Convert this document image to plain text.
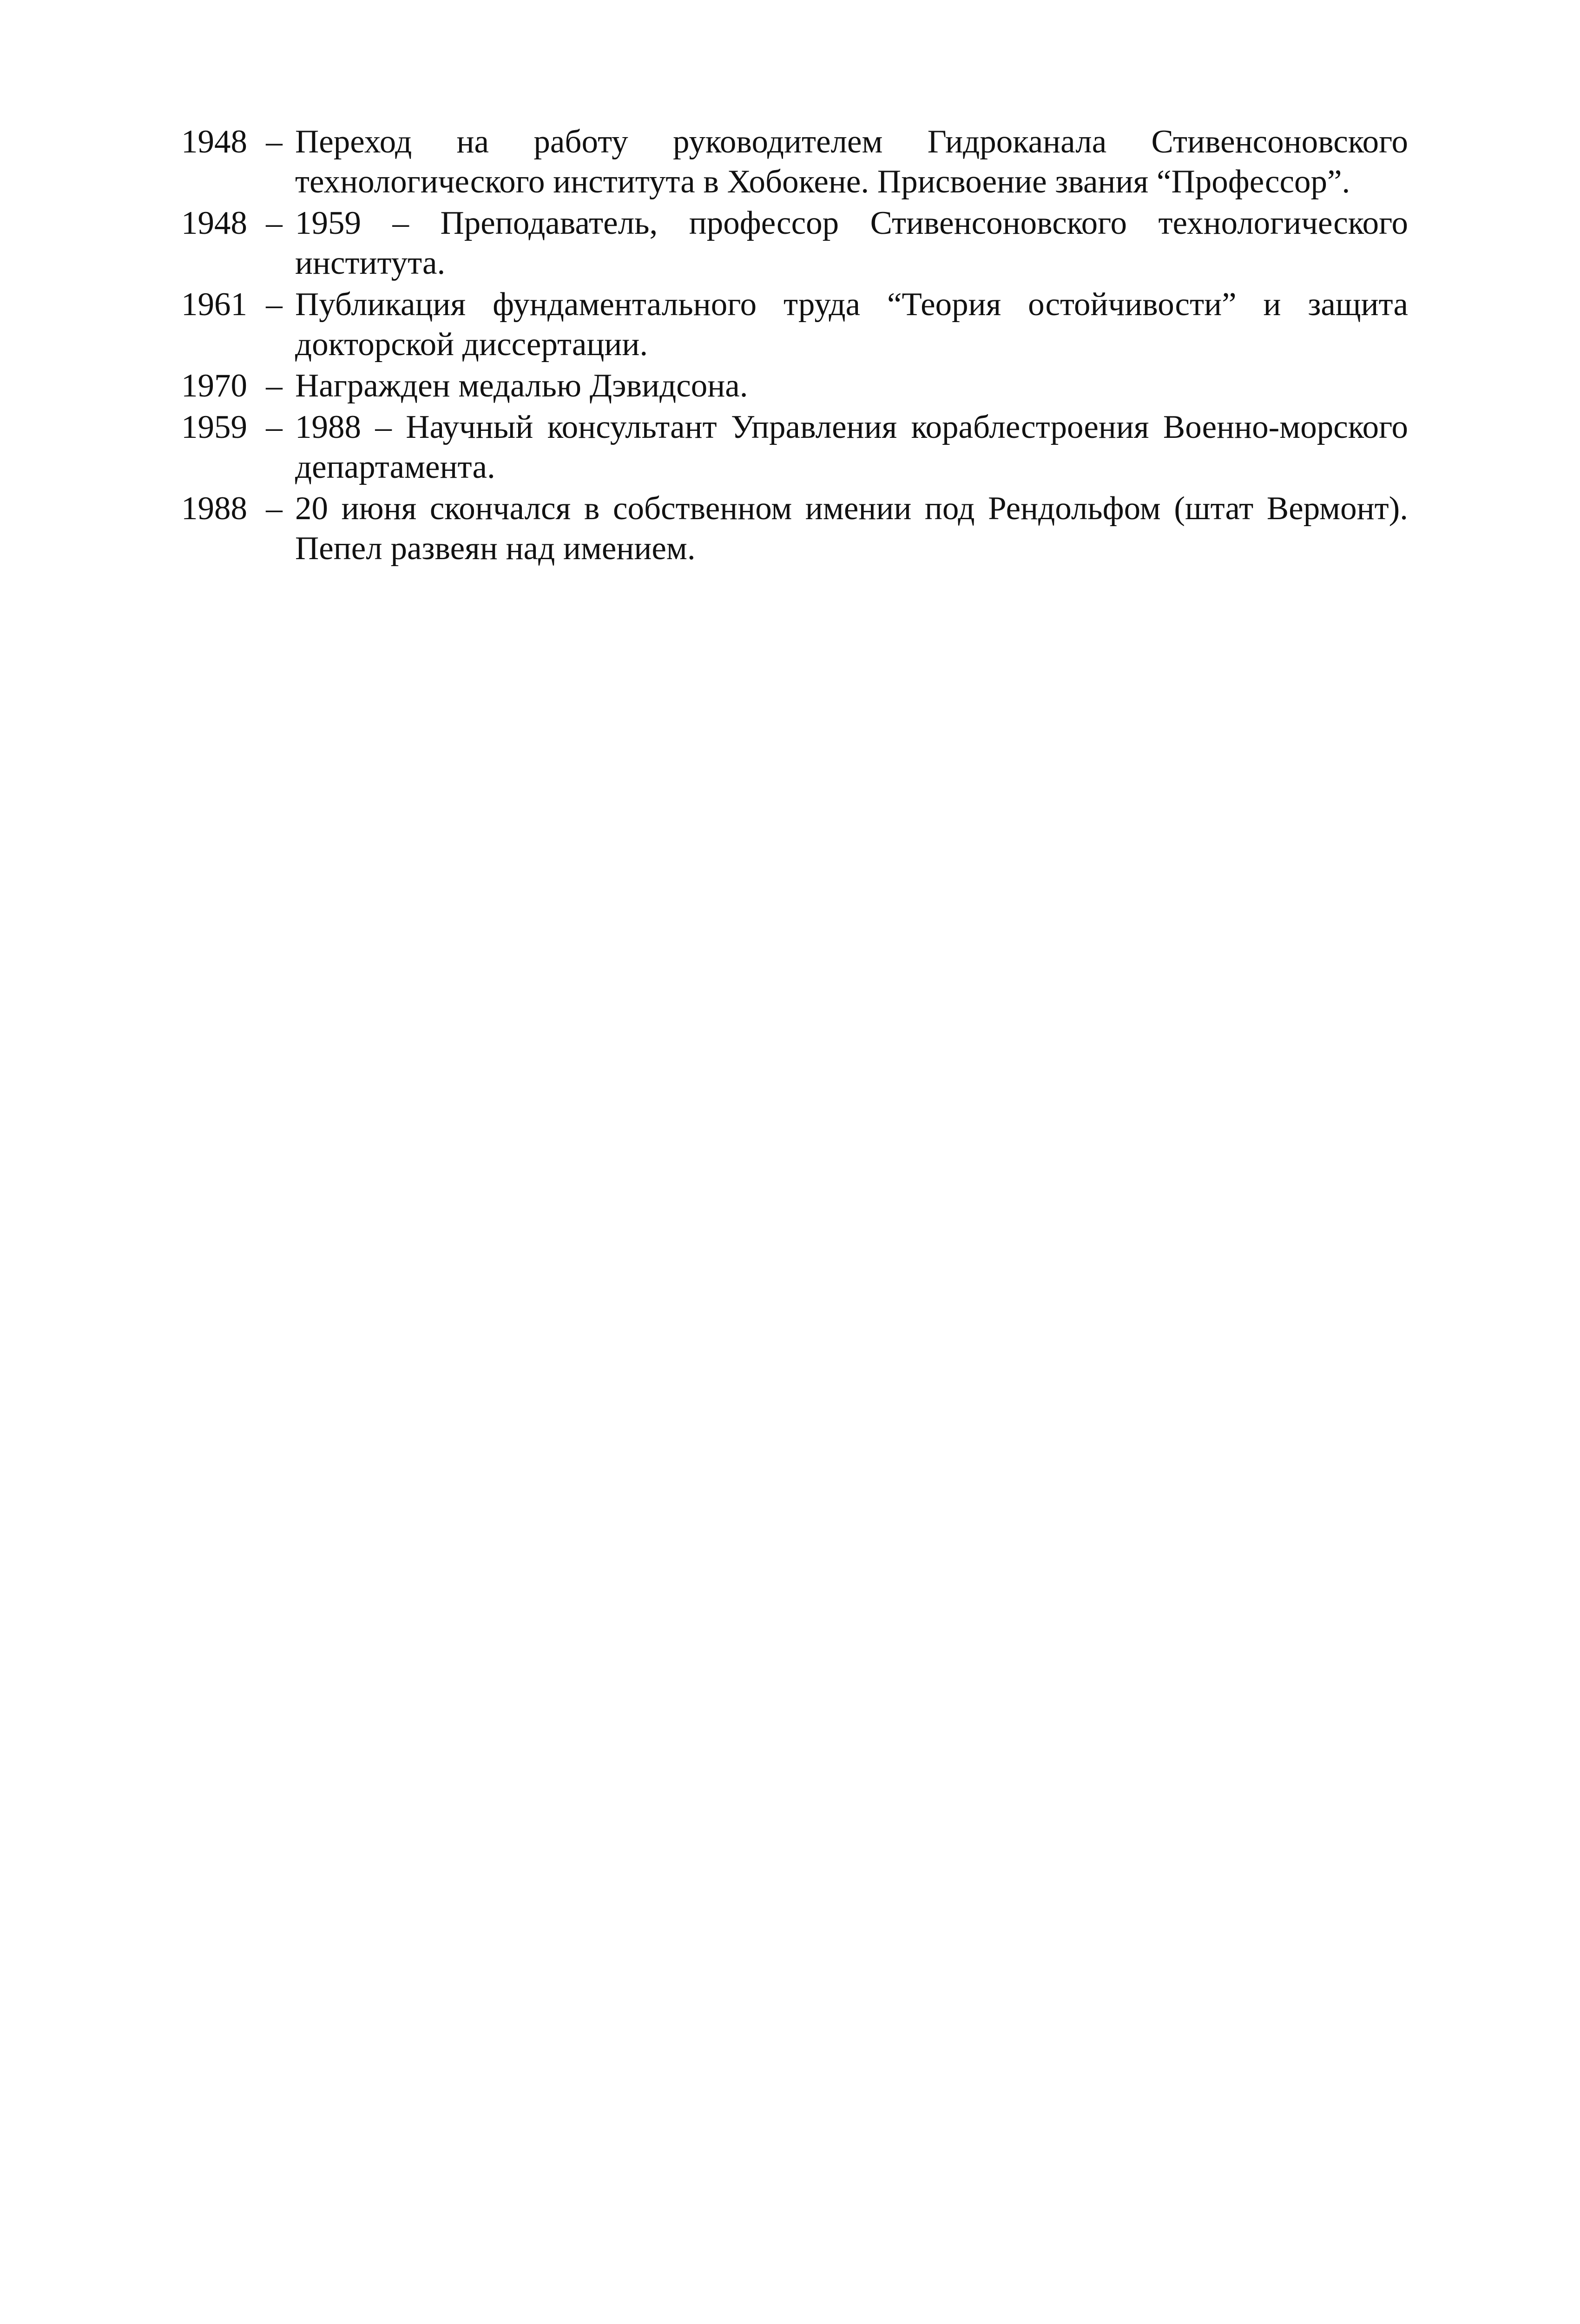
1948 – Переход на работу руководителем Гидроканала Стивенсоновского технологического института в Хобокене. Присвоение звания “Профессор”.
1948 – 1959 – Преподаватель, профессор Стивенсоновского технологического института.
1961 – Публикация фундаментального труда “Теория остойчивости” и защита докторской диссертации.
1970 – Награжден медалью Дэвидсона.
1959 – 1988 – Научный консультант Управления кораблестроения Военно-морского департамента.
1988 – 20 июня скончался в собственном имении под Рендольфом (штат Вермонт). Пепел развеян над имением.
